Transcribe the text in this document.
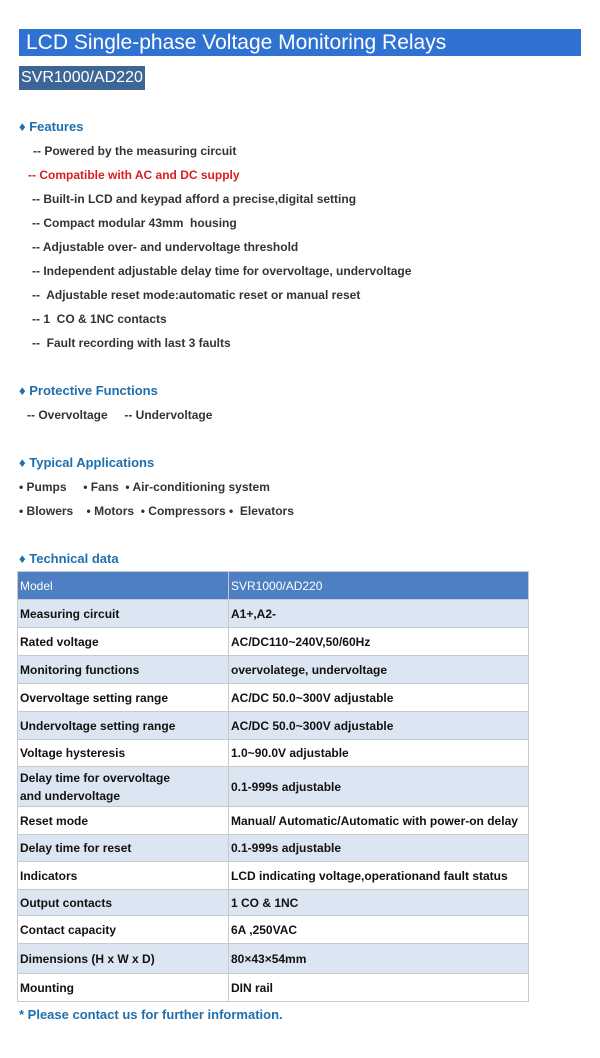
LCD Single-phase Voltage Monitoring Relays
SVR1000/AD220
♦ Features
-- Powered by the measuring circuit
-- Compatible with AC and DC supply
-- Built-in LCD and keypad afford a precise,digital setting
-- Compact modular 43mm  housing
-- Adjustable over- and undervoltage threshold
-- Independent adjustable delay time for overvoltage, undervoltage
--  Adjustable reset mode:automatic reset or manual reset
-- 1  CO & 1NC contacts
--  Fault recording with last 3 faults
♦ Protective Functions
-- Overvoltage     -- Undervoltage
♦ Typical Applications
• Pumps     • Fans  • Air-conditioning system
• Blowers    • Motors  • Compressors •  Elevators
♦ Technical data
Model	SVR1000/AD220
Measuring circuit	A1+,A2-
Rated voltage	AC/DC110~240V,50/60Hz
Monitoring functions	overvolatege, undervoltage
Overvoltage setting range	AC/DC 50.0~300V adjustable
Undervoltage setting range	AC/DC 50.0~300V adjustable
Voltage hysteresis	1.0~90.0V adjustable
Delay time for overvoltage
and undervoltage	0.1-999s adjustable
Reset mode	Manual/ Automatic/Automatic with power-on delay
Delay time for reset	0.1-999s adjustable
Indicators	LCD indicating voltage,operationand fault status
Output contacts	1 CO & 1NC
Contact capacity	6A ,250VAC
Dimensions (H x W x D)	80×43×54mm
Mounting	DIN rail
* Please contact us for further information.
